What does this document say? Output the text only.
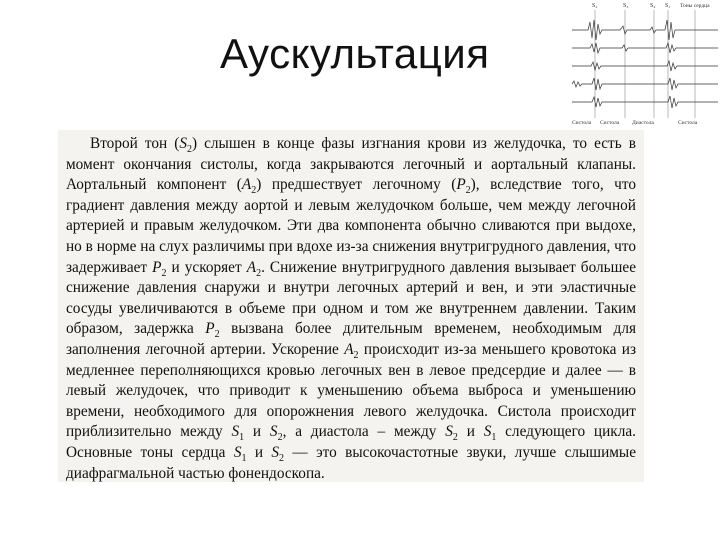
Аускультация
S₂	S₃	S₄ S₁ Тоны сердца
Систола Систола Диастола	Систола

Второй тон $(S_2)$ слышен в конце фазы изгнания крови из желудочка, то есть в момент окончания систолы, когда закрываются легочный и аортальный клапаны. Аортальный компонент $(A_2)$ предшествует легочному $(P_2)$, вследствие того, что градиент давления между аортой и левым желудочком больше, чем между легочной артерией и правым желудочком. Эти два компонента обычно сливаются при выдохе, но в норме на слух различимы при вдохе из-за снижения внутригрудного давления, что задерживает $P_2$ и ускоряет $A_2$. Снижение внутригрудного давления вызывает большее снижение давления снаружи и внутри легочных артерий и вен, и эти эластичные сосуды увеличиваются в объеме при одном и том же внутреннем давлении. Таким образом, задержка $P_2$ вызвана более длительным временем, необходимым для заполнения легочной артерии. Ускорение $A_2$ происходит из-за меньшего кровотока из медленнее переполняющихся кровью легочных вен в левое предсердие и далее — в левый желудочек, что приводит к уменьшению объема выброса и уменьшению времени, необходимого для опорожнения левого желудочка. Систола происходит приблизительно между $S_1$ и $S_2$, а диастола – между $S_2$ и $S_1$ следующего цикла. Основные тоны сердца $S_1$ и $S_2$ — это высокочастотные звуки, лучше слышимые диафрагмальной частью фонендоскопа.
